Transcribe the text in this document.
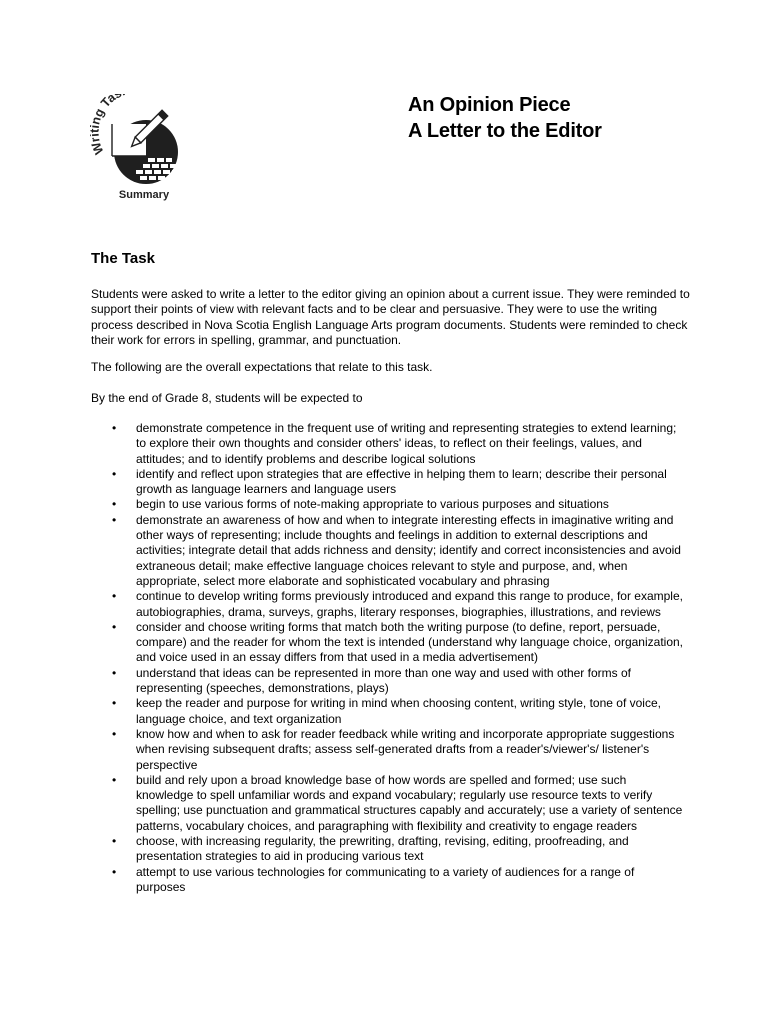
W g Ta
Summary
An Opinion Piece
A Letter to the Editor
The Task

Students were asked to write a letter to the editor giving an opinion about a current issue. They were reminded to support their points of view with relevant facts and to be clear and persuasive. They were to use the writing process described in Nova Scotia English Language Arts program documents. Students were reminded to check their work for errors in spelling, grammar, and punctuation.

The following are the overall expectations that relate to this task.

By the end of Grade 8, students will be expected to

• demonstrate competence in the frequent use of writing and representing strategies to extend learning; to explore their own thoughts and consider others' ideas, to reflect on their feelings, values, and attitudes; and to identify problems and describe logical solutions
• identify and reflect upon strategies that are effective in helping them to learn; describe their personal growth as language learners and language users
• begin to use various forms of note-making appropriate to various purposes and situations
• demonstrate an awareness of how and when to integrate interesting effects in imaginative writing and other ways of representing; include thoughts and feelings in addition to external descriptions and activities; integrate detail that adds richness and density; identify and correct inconsistencies and avoid extraneous detail; make effective language choices relevant to style and purpose, and, when appropriate, select more elaborate and sophisticated vocabulary and phrasing
• continue to develop writing forms previously introduced and expand this range to produce, for example, autobiographies, drama, surveys, graphs, literary responses, biographies, illustrations, and reviews
• consider and choose writing forms that match both the writing purpose (to define, report, persuade, compare) and the reader for whom the text is intended (understand why language choice, organization, and voice used in an essay differs from that used in a media advertisement)
• understand that ideas can be represented in more than one way and used with other forms of representing (speeches, demonstrations, plays)
• keep the reader and purpose for writing in mind when choosing content, writing style, tone of voice, language choice, and text organization
• know how and when to ask for reader feedback while writing and incorporate appropriate suggestions when revising subsequent drafts; assess self-generated drafts from a reader's/viewer's/ listener's perspective
• build and rely upon a broad knowledge base of how words are spelled and formed; use such knowledge to spell unfamiliar words and expand vocabulary; regularly use resource texts to verify spelling; use punctuation and grammatical structures capably and accurately; use a variety of sentence patterns, vocabulary choices, and paragraphing with flexibility and creativity to engage readers
• choose, with increasing regularity, the prewriting, drafting, revising, editing, proofreading, and presentation strategies to aid in producing various text
• attempt to use various technologies for communicating to a variety of audiences for a range of purposes
